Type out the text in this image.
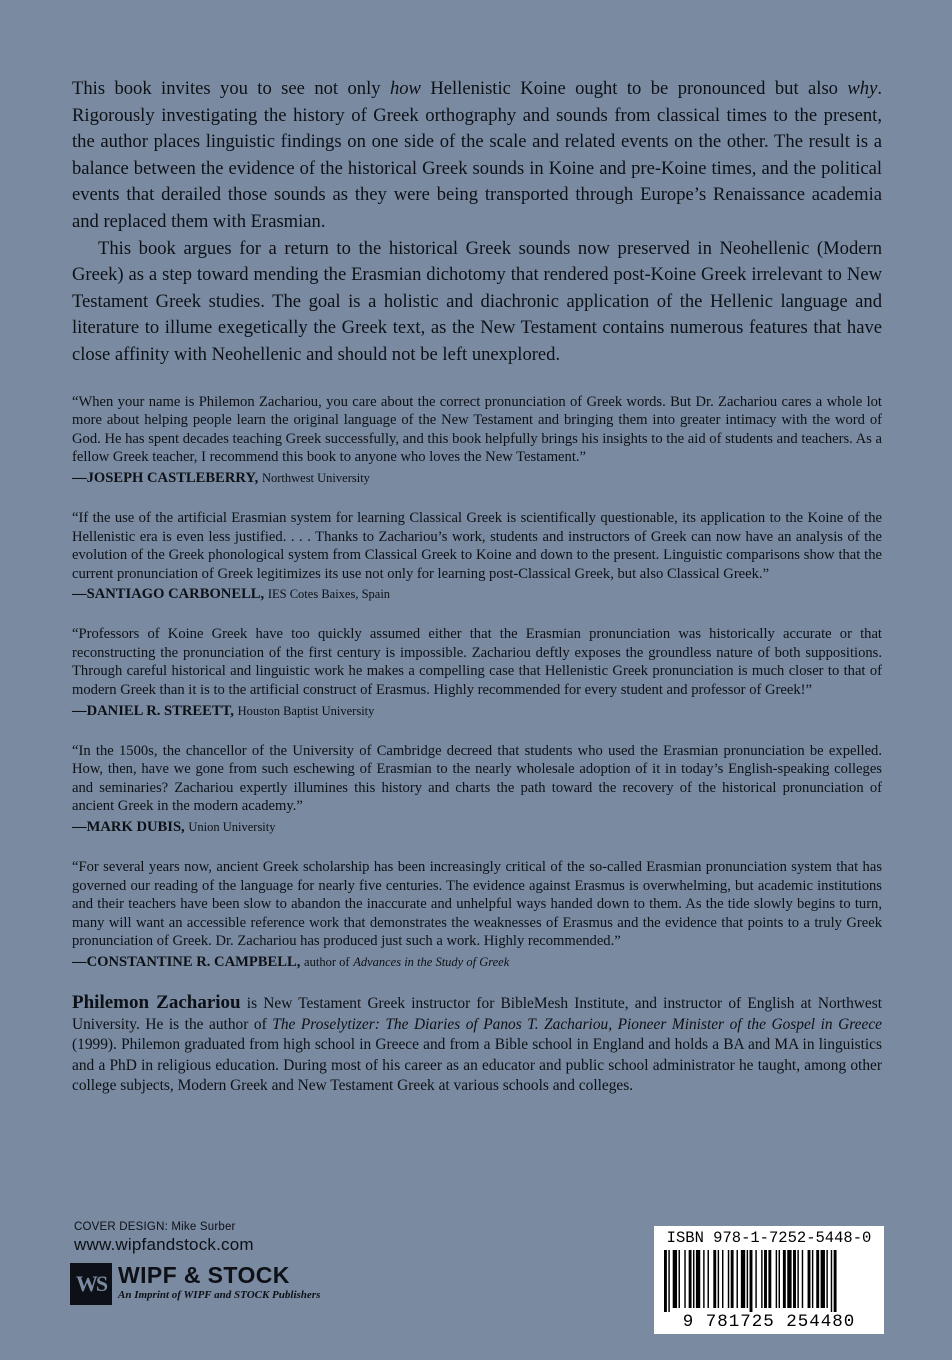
This book invites you to see not only how Hellenistic Koine ought to be pronounced but also why. Rigorously investigating the history of Greek orthography and sounds from classical times to the present, the author places linguistic findings on one side of the scale and related events on the other. The result is a balance between the evidence of the historical Greek sounds in Koine and pre-Koine times, and the political events that derailed those sounds as they were being transported through Europe’s Renaissance academia and replaced them with Erasmian.

This book argues for a return to the historical Greek sounds now preserved in Neohellenic (Modern Greek) as a step toward mending the Erasmian dichotomy that rendered post-Koine Greek irrelevant to New Testament Greek studies. The goal is a holistic and diachronic application of the Hellenic language and literature to illume exegetically the Greek text, as the New Testament contains numerous features that have close affinity with Neohellenic and should not be left unexplored.

“When your name is Philemon Zachariou, you care about the correct pronunciation of Greek words. But Dr. Zachariou cares a whole lot more about helping people learn the original language of the New Testament and bringing them into greater intimacy with the word of God. He has spent decades teaching Greek successfully, and this book helpfully brings his insights to the aid of students and teachers. As a fellow Greek teacher, I recommend this book to anyone who loves the New Testament.”

—JOSEPH CASTLEBERRY, Northwest University

“If the use of the artificial Erasmian system for learning Classical Greek is scientifically questionable, its application to the Koine of the Hellenistic era is even less justified. . . . Thanks to Zachariou’s work, students and instructors of Greek can now have an analysis of the evolution of the Greek phonological system from Classical Greek to Koine and down to the present. Linguistic comparisons show that the current pronunciation of Greek legitimizes its use not only for learning post-Classical Greek, but also Classical Greek.”

—SANTIAGO CARBONELL, IES Cotes Baixes, Spain

“Professors of Koine Greek have too quickly assumed either that the Erasmian pronunciation was historically accurate or that reconstructing the pronunciation of the first century is impossible. Zachariou deftly exposes the groundless nature of both suppositions. Through careful historical and linguistic work he makes a compelling case that Hellenistic Greek pronunciation is much closer to that of modern Greek than it is to the artificial construct of Erasmus. Highly recommended for every student and professor of Greek!”

—DANIEL R. STREETT, Houston Baptist University

“In the 1500s, the chancellor of the University of Cambridge decreed that students who used the Erasmian pronunciation be expelled. How, then, have we gone from such eschewing of Erasmian to the nearly wholesale adoption of it in today’s English-speaking colleges and seminaries? Zachariou expertly illumines this history and charts the path toward the recovery of the historical pronunciation of ancient Greek in the modern academy.”

—MARK DUBIS, Union University

“For several years now, ancient Greek scholarship has been increasingly critical of the so-called Erasmian pronunciation system that has governed our reading of the language for nearly five centuries. The evidence against Erasmus is overwhelming, but academic institutions and their teachers have been slow to abandon the inaccurate and unhelpful ways handed down to them. As the tide slowly begins to turn, many will want an accessible reference work that demonstrates the weaknesses of Erasmus and the evidence that points to a truly Greek pronunciation of Greek. Dr. Zachariou has produced just such a work. Highly recommended.”

—CONSTANTINE R. CAMPBELL, author of Advances in the Study of Greek

Philemon Zachariou is New Testament Greek instructor for BibleMesh Institute, and instructor of English at Northwest University. He is the author of The Proselytizer: The Diaries of Panos T. Zachariou, Pioneer Minister of the Gospel in Greece (1999). Philemon graduated from high school in Greece and from a Bible school in England and holds a BA and MA in linguistics and a PhD in religious education. During most of his career as an educator and public school administrator he taught, among other college subjects, Modern Greek and New Testament Greek at various schools and colleges.

COVER DESIGN: Mike Surber
www.wipfandstock.com
WS WIPF & STOCK
An Imprint of WIPF and STOCK Publishers
ISBN 978-1-7252-5448-0
9 781725 254480
